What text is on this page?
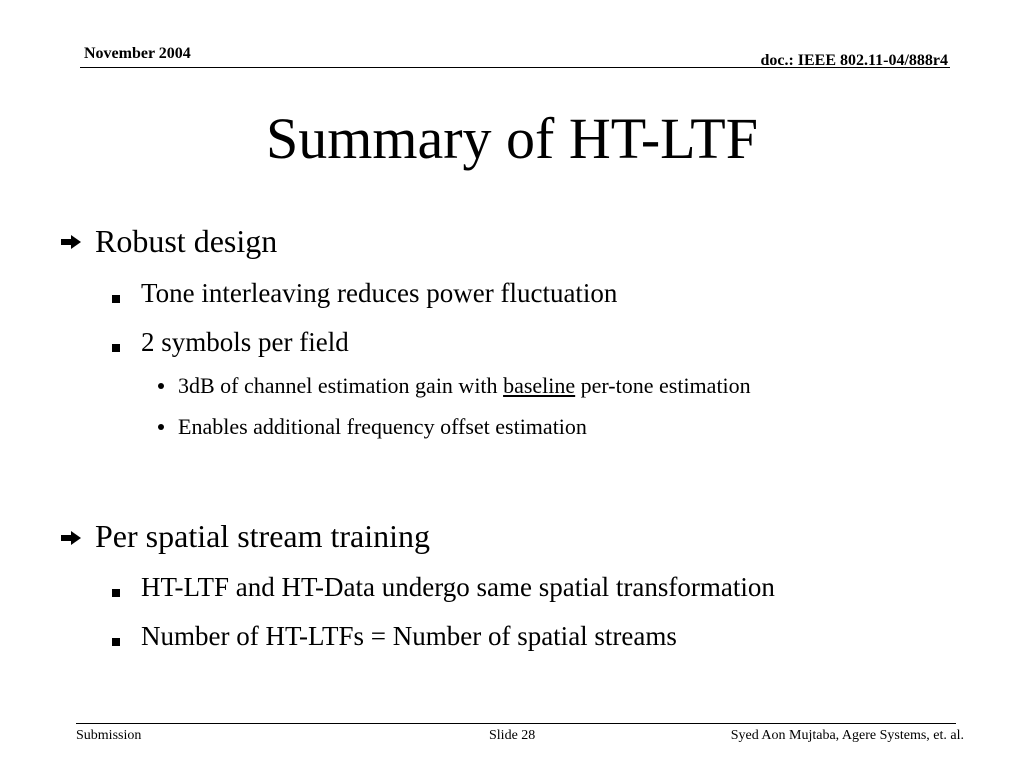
November 2004	doc.: IEEE 802.11-04/888r4
Summary of HT-LTF
Robust design
Tone interleaving reduces power fluctuation
2 symbols per field
3dB of channel estimation gain with baseline per-tone estimation
Enables additional frequency offset estimation
Per spatial stream training
HT-LTF and HT-Data undergo same spatial transformation
Number of HT-LTFs = Number of spatial streams
Submission	Slide 28	Syed Aon Mujtaba, Agere Systems, et. al.
